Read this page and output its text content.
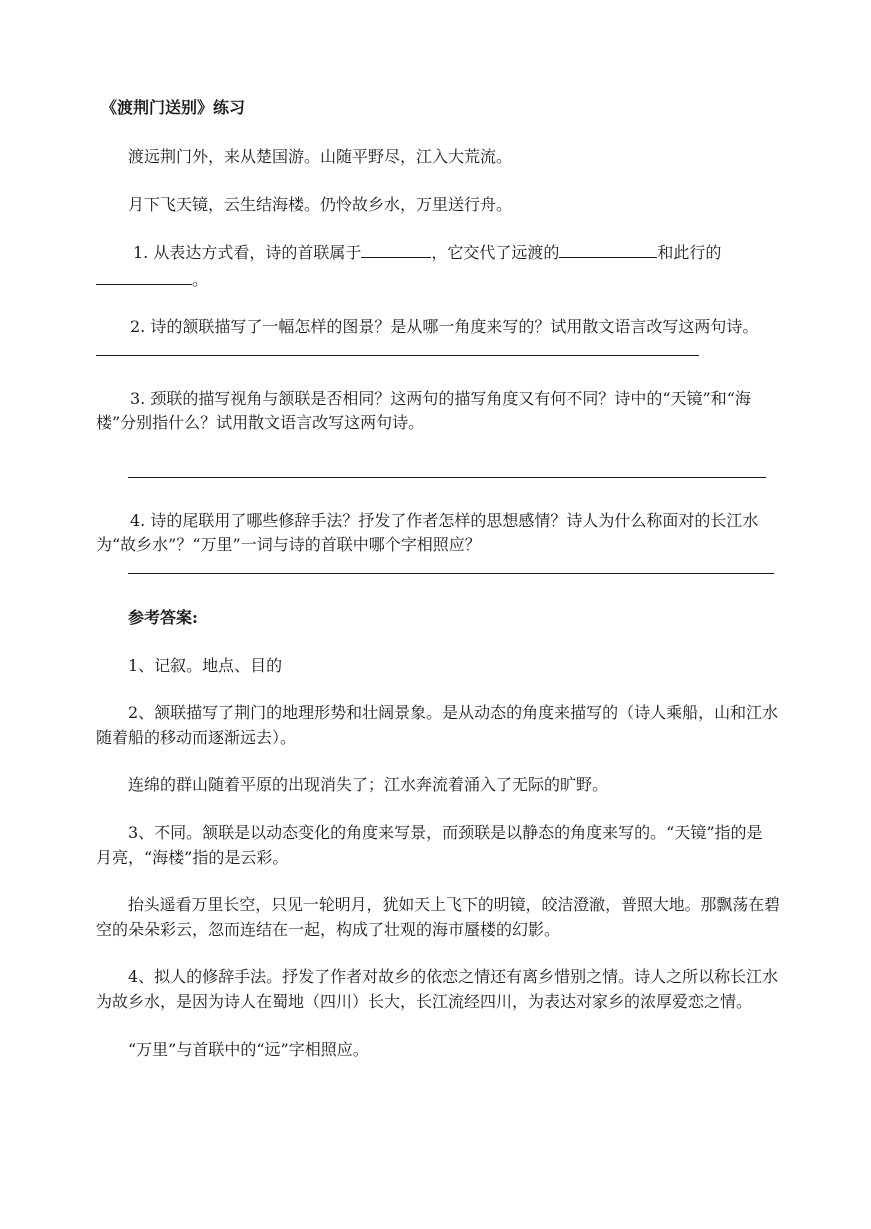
《渡荆门送别》练习
渡远荆门外，来从楚国游。山随平野尽，江入大荒流。
月下飞天镜，云生结海楼。仍怜故乡水，万里送行舟。
1. 从表达方式看，诗的首联属于	，它交代了远渡的	和此行的
。
2. 诗的颔联描写了一幅怎样的图景？是从哪一角度来写的？试用散文语言改写这两句诗。
3. 颈联的描写视角与颔联是否相同？这两句的描写角度又有何不同？诗中的“天镜”和“海
楼”分别指什么？试用散文语言改写这两句诗。
4. 诗的尾联用了哪些修辞手法？抒发了作者怎样的思想感情？诗人为什么称面对的长江水
为“故乡水”？“万里”一词与诗的首联中哪个字相照应？
参考答案:
1、记叙。地点、目的
2、颔联描写了荆门的地理形势和壮阔景象。是从动态的角度来描写的（诗人乘船，山和江水
随着船的移动而逐渐远去）。
连绵的群山随着平原的出现消失了；江水奔流着涌入了无际的旷野。
3、不同。颔联是以动态变化的角度来写景，而颈联是以静态的角度来写的。“天镜”指的是
月亮，“海楼”指的是云彩。
抬头遥看万里长空，只见一轮明月，犹如天上飞下的明镜，皎洁澄澈，普照大地。那飘荡在碧
空的朵朵彩云，忽而连结在一起，构成了壮观的海市蜃楼的幻影。
4、拟人的修辞手法。抒发了作者对故乡的依恋之情还有离乡惜别之情。诗人之所以称长江水
为故乡水，是因为诗人在蜀地（四川）长大，长江流经四川，为表达对家乡的浓厚爱恋之情。
“万里”与首联中的“远”字相照应。
